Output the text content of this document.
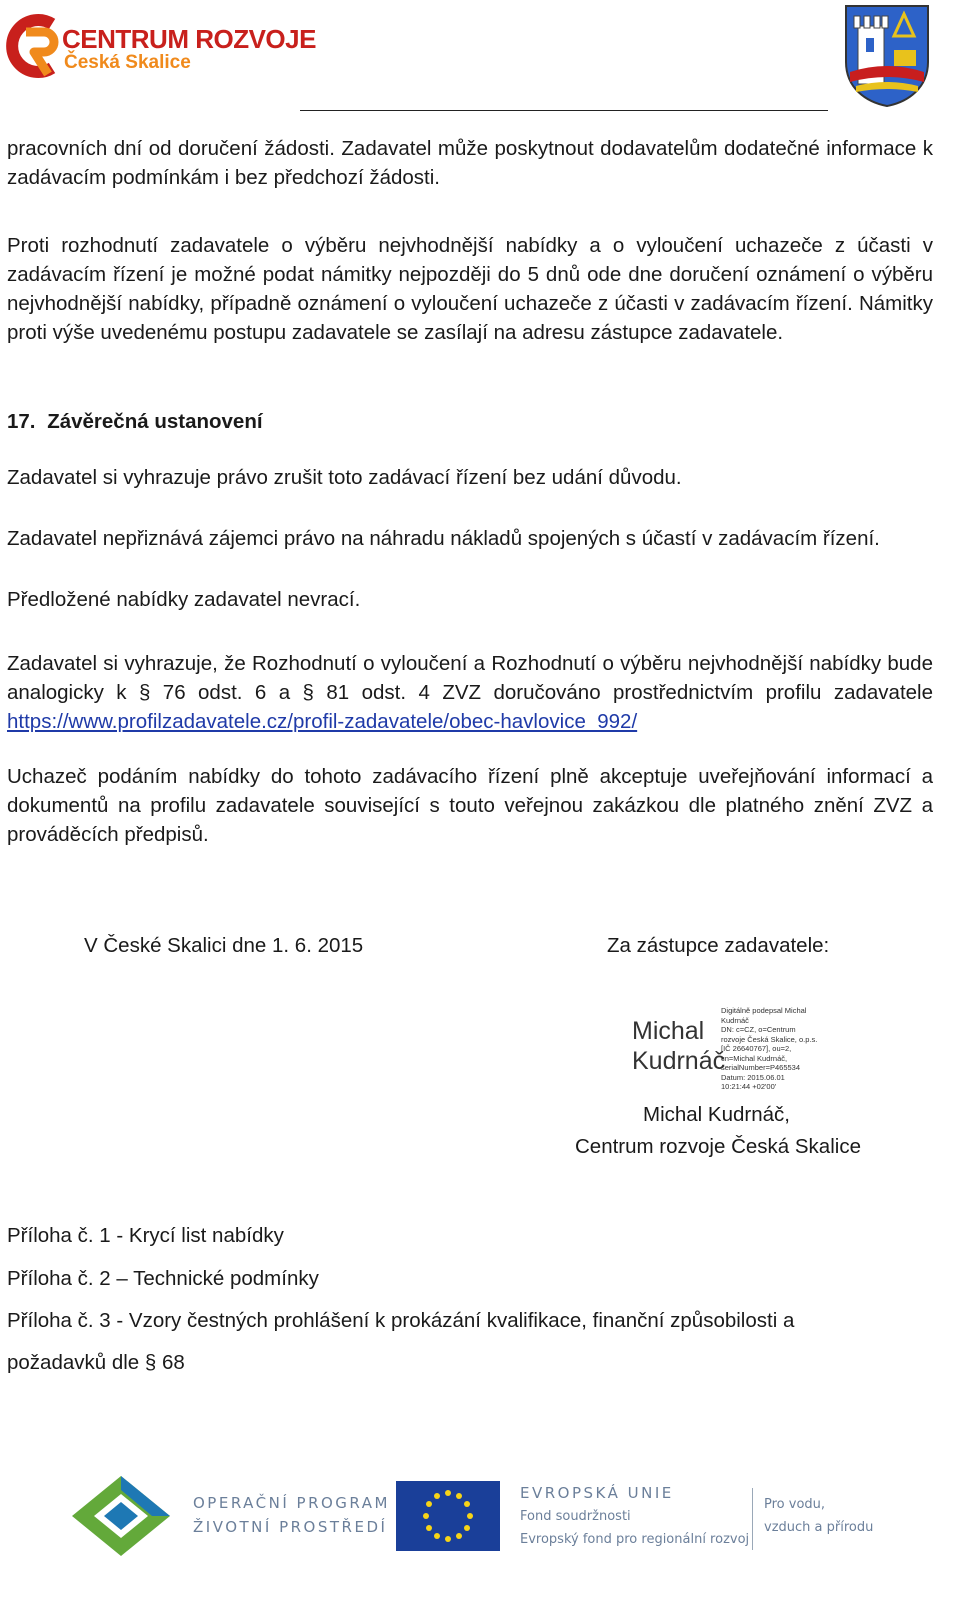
CENTRUM ROZVOJE
Česká Skalice

pracovních dní od doručení žádosti. Zadavatel může poskytnout dodavatelům dodatečné informace k zadávacím podmínkám i bez předchozí žádosti.

Proti rozhodnutí zadavatele o výběru nejvhodnější nabídky a o vyloučení uchazeče z účasti v zadávacím řízení je možné podat námitky nejpozději do 5 dnů ode dne doručení oznámení o výběru nejvhodnější nabídky, případně oznámení o vyloučení uchazeče z účasti v zadávacím řízení. Námitky proti výše uvedenému postupu zadavatele se zasílají na adresu zástupce zadavatele.

17. Závěrečná ustanovení
Zadavatel si vyhrazuje právo zrušit toto zadávací řízení bez udání důvodu.
Zadavatel nepřiznává zájemci právo na náhradu nákladů spojených s účastí v zadávacím řízení.
Předložené nabídky zadavatel nevrací.

Zadavatel si vyhrazuje, že Rozhodnutí o vyloučení a Rozhodnutí o výběru nejvhodnější nabídky bude analogicky k § 76 odst. 6 a § 81 odst. 4 ZVZ doručováno prostřednictvím profilu zadavatele https://www.profilzadavatele.cz/profil-zadavatele/obec-havlovice_992/

Uchazeč podáním nabídky do tohoto zadávacího řízení plně akceptuje uveřejňování informací a dokumentů na profilu zadavatele související s touto veřejnou zakázkou dle platného znění ZVZ a prováděcích předpisů.

V České Skalici dne 1. 6. 2015	Za zástupce zadavatele:
Michal
Kudrnáč
Digitálně podepsal Michal
Kudrnáč
DN: c=CZ, o=Centrum
rozvoje Česká Skalice, o.p.s.
[IČ 26640767], ou=2,
cn=Michal Kudrnáč,
serialNumber=P465534
Datum: 2015.06.01
10:21:44 +02'00'
Michal Kudrnáč,
Centrum rozvoje Česká Skalice
Příloha č. 1 - Krycí list nabídky
Příloha č. 2 – Technické podmínky
Příloha č. 3 - Vzory čestných prohlášení k prokázání kvalifikace, finanční způsobilosti a
požadavků dle § 68
OPERAČNÍ PROGRAM
ŽIVOTNÍ PROSTŘEDÍ
EVROPSKÁ UNIE
Fond soudržnosti
Evropský fond pro regionální rozvoj
Pro vodu,
vzduch a přírodu
